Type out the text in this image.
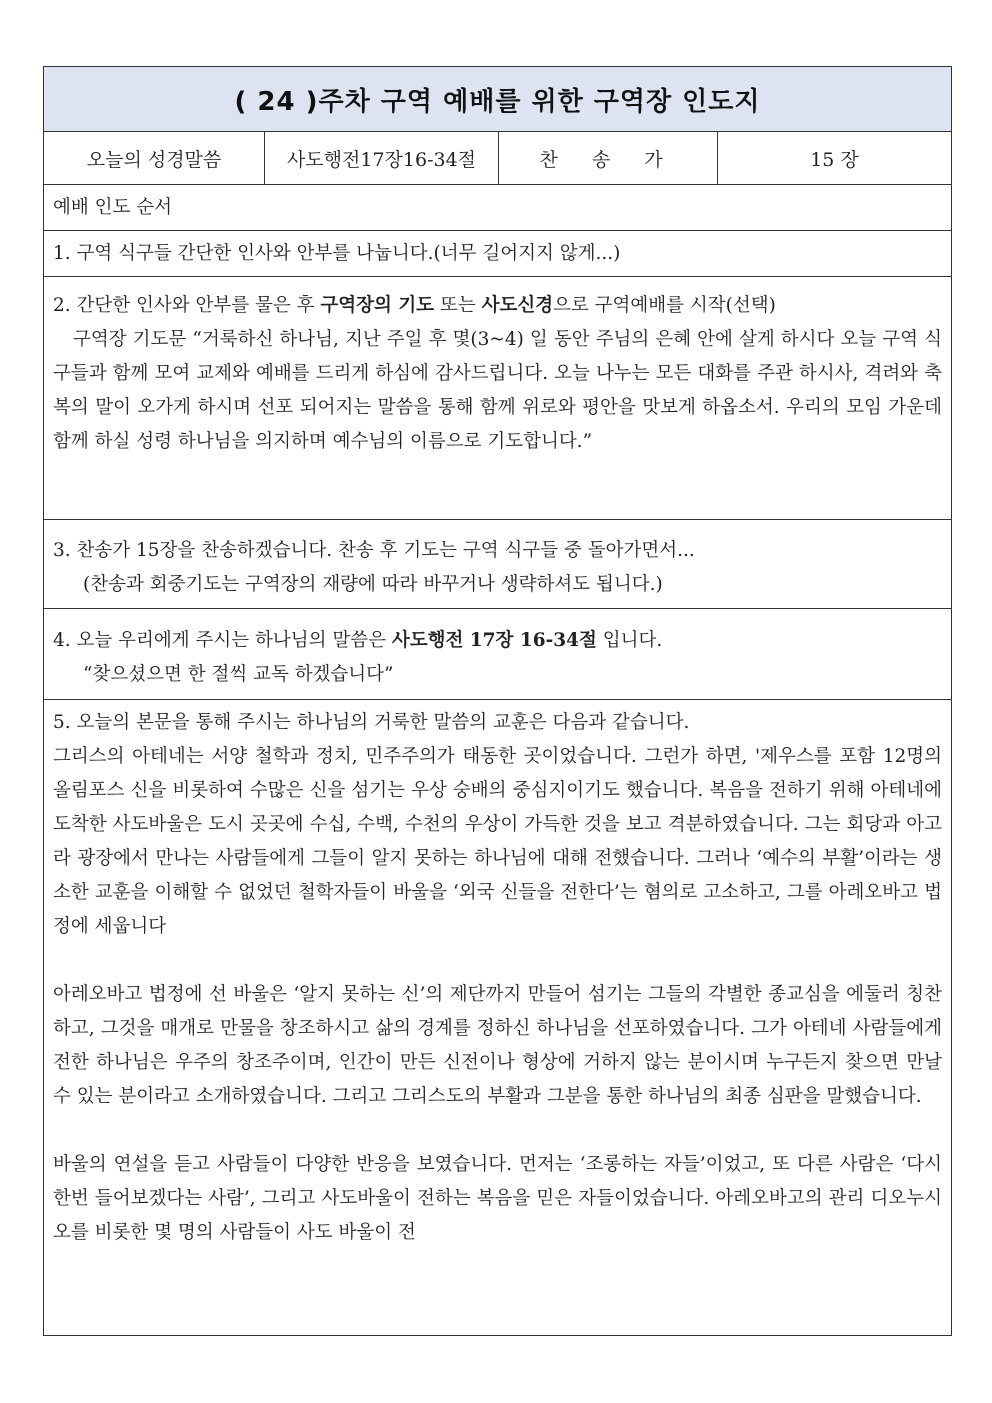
( 24 )주차 구역 예배를 위한 구역장 인도지
오늘의 성경말씀	사도행전17장16-34절	찬 송 가	15 장
예배 인도 순서
1. 구역 식구들 간단한 인사와 안부를 나눕니다.(너무 길어지지 않게...)
2. 간단한 인사와 안부를 물은 후 구역장의 기도 또는 사도신경으로 구역예배를 시작(선택)
구역장 기도문 “거룩하신 하나님, 지난 주일 후 몇(3~4) 일 동안 주님의 은혜 안에 살게 하시다 오늘 구역 식구들과 함께 모여 교제와 예배를 드리게 하심에 감사드립니다. 오늘 나누는 모든 대화를 주관 하시사, 격려와 축복의 말이 오가게 하시며 선포 되어지는 말씀을 통해 함께 위로와 평안을 맛보게 하옵소서. 우리의 모임 가운데 함께 하실 성령 하나님을 의지하며 예수님의 이름으로 기도합니다.”
3. 찬송가 15장을 찬송하겠습니다. 찬송 후 기도는 구역 식구들 중 돌아가면서...
(찬송과 회중기도는 구역장의 재량에 따라 바꾸거나 생략하셔도 됩니다.)
4. 오늘 우리에게 주시는 하나님의 말씀은 사도행전 17장 16-34절 입니다.
“찾으셨으면 한 절씩 교독 하겠습니다”

5. 오늘의 본문을 통해 주시는 하나님의 거룩한 말씀의 교훈은 다음과 같습니다.

그리스의 아테네는 서양 철학과 정치, 민주주의가 태동한 곳이었습니다. 그런가 하면, '제우스를 포함 12명의 올림포스 신을 비롯하여 수많은 신을 섬기는 우상 숭배의 중심지이기도 했습니다. 복음을 전하기 위해 아테네에 도착한 사도바울은 도시 곳곳에 수십, 수백, 수천의 우상이 가득한 것을 보고 격분하였습니다. 그는 회당과 아고라 광장에서 만나는 사람들에게 그들이 알지 못하는 하나님에 대해 전했습니다. 그러나 ‘예수의 부활’이라는 생소한 교훈을 이해할 수 없었던 철학자들이 바울을 ‘외국 신들을 전한다’는 혐의로 고소하고, 그를 아레오바고 법정에 세웁니다

아레오바고 법정에 선 바울은 ‘알지 못하는 신’의 제단까지 만들어 섬기는 그들의 각별한 종교심을 에둘러 칭찬하고, 그것을 매개로 만물을 창조하시고 삶의 경계를 정하신 하나님을 선포하였습니다. 그가 아테네 사람들에게 전한 하나님은 우주의 창조주이며, 인간이 만든 신전이나 형상에 거하지 않는 분이시며 누구든지 찾으면 만날 수 있는 분이라고 소개하였습니다. 그리고 그리스도의 부활과 그분을 통한 하나님의 최종 심판을 말했습니다.

바울의 연설을 듣고 사람들이 다양한 반응을 보였습니다. 먼저는 ‘조롱하는 자들’이었고, 또 다른 사람은 ‘다시 한번 들어보겠다는 사람’, 그리고 사도바울이 전하는 복음을 믿은 자들이었습니다. 아레오바고의 관리 디오누시오를 비롯한 몇 명의 사람들이 사도 바울이 전
